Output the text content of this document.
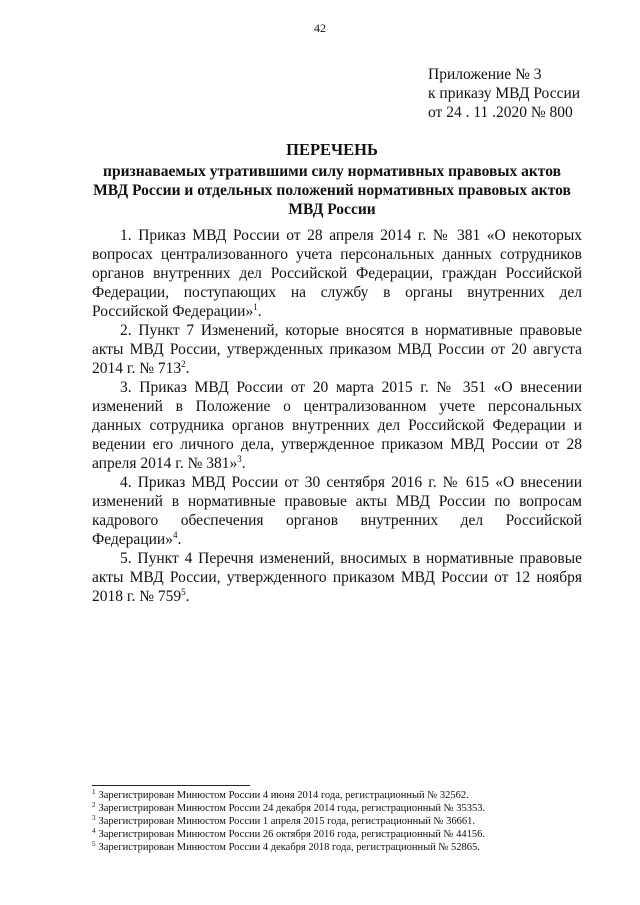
42
Приложение № 3
к приказу МВД России
от 24 . 11 .2020 № 800
ПЕРЕЧЕНЬ
признаваемых утратившими силу нормативных правовых актов
МВД России и отдельных положений нормативных правовых актов
МВД России

1. Приказ МВД России от 28 апреля 2014 г. № 381 «О некоторых вопросах централизованного учета персональных данных сотрудников органов внутренних дел Российской Федерации, граждан Российской Федерации, поступающих на службу в органы внутренних дел Российской Федерации»$^1$.

2. Пункт 7 Изменений, которые вносятся в нормативные правовые акты МВД России, утвержденных приказом МВД России от 20 августа 2014 г. № $713^2$.

3. Приказ МВД России от 20 марта 2015 г. № 351 «О внесении изменений в Положение о централизованном учете персональных данных сотрудника органов внутренних дел Российской Федерации и ведении его личного дела, утвержденное приказом МВД России от 28 апреля 2014 г. № 381»$^3$.

4. Приказ МВД России от 30 сентября 2016 г. № 615 «О внесении изменений в нормативные правовые акты МВД России по вопросам кадрового обеспечения органов внутренних дел Российской Федерации»$^4$.

5. Пункт 4 Перечня изменений, вносимых в нормативные правовые акты МВД России, утвержденного приказом МВД России от 12 ноября 2018 г. № $759^5$.

$^1$ Зарегистрирован Минюстом России 4 июня 2014 года, регистрационный № 32562.
$^2$ Зарегистрирован Минюстом России 24 декабря 2014 года, регистрационный № 35353.
$^3$ Зарегистрирован Минюстом России 1 апреля 2015 года, регистрационный № 36661.
$^4$ Зарегистрирован Минюстом России 26 октября 2016 года, регистрационный № 44156.
$^5$ Зарегистрирован Минюстом России 4 декабря 2018 года, регистрационный № 52865.
